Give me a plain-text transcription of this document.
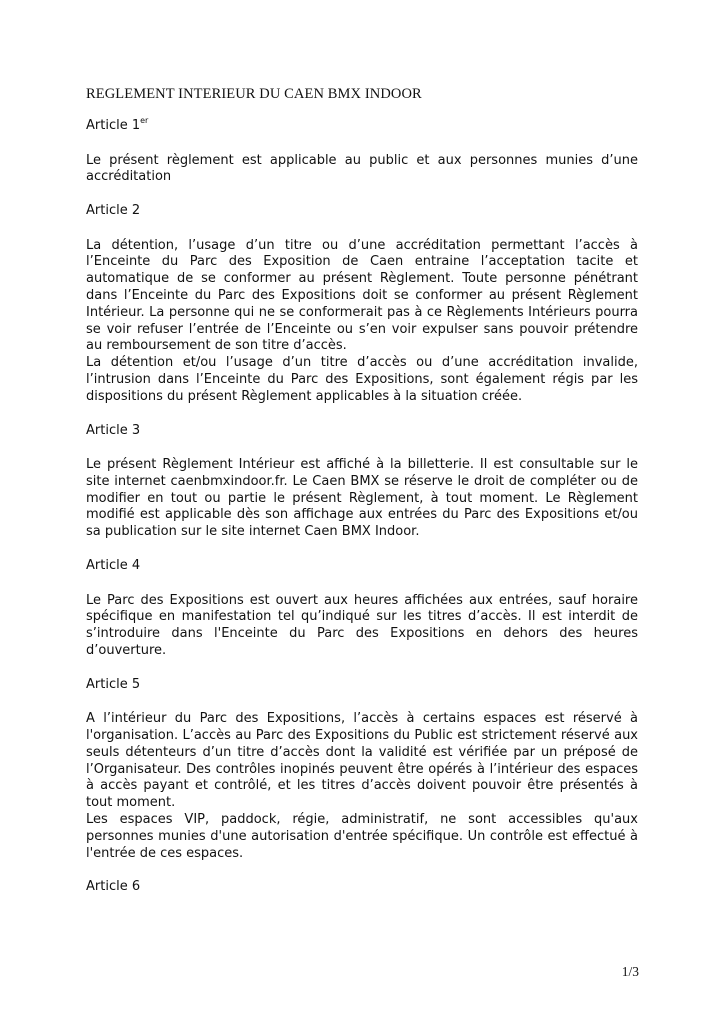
REGLEMENT INTERIEUR DU CAEN BMX INDOOR

Article 1er

Le présent règlement est applicable au public et aux personnes munies d’une accréditation

Article 2

La détention, l’usage d’un titre ou d’une accréditation permettant l’accès à l’Enceinte du Parc des Exposition de Caen entraine l’acceptation tacite et automatique de se conformer au présent Règlement. Toute personne pénétrant dans l’Enceinte du Parc des Expositions doit se conformer au présent Règlement Intérieur. La personne qui ne se conformerait pas à ce Règlements Intérieurs pourra se voir refuser l’entrée de l’Enceinte ou s’en voir expulser sans pouvoir prétendre au remboursement de son titre d’accès.

La détention et/ou l’usage d’un titre d’accès ou d’une accréditation invalide, l’intrusion dans l’Enceinte du Parc des Expositions, sont également régis par les dispositions du présent Règlement applicables à la situation créée.

Article 3

Le présent Règlement Intérieur est affiché à la billetterie. Il est consultable sur le site internet caenbmxindoor.fr. Le Caen BMX se réserve le droit de compléter ou de modifier en tout ou partie le présent Règlement, à tout moment. Le Règlement modifié est applicable dès son affichage aux entrées du Parc des Expositions et/ou sa publication sur le site internet Caen BMX Indoor.

Article 4

Le Parc des Expositions est ouvert aux heures affichées aux entrées, sauf horaire spécifique en manifestation tel qu’indiqué sur les titres d’accès. Il est interdit de s’introduire dans l'Enceinte du Parc des Expositions en dehors des heures d’ouverture.

Article 5

A l’intérieur du Parc des Expositions, l’accès à certains espaces est réservé à l'organisation. L’accès au Parc des Expositions du Public est strictement réservé aux seuls détenteurs d’un titre d’accès dont la validité est vérifiée par un préposé de l’Organisateur. Des contrôles inopinés peuvent être opérés à l’intérieur des espaces à accès payant et contrôlé, et les titres d’accès doivent pouvoir être présentés à tout moment.

Les espaces VIP, paddock, régie, administratif, ne sont accessibles qu'aux personnes munies d'une autorisation d'entrée spécifique. Un contrôle est effectué à l'entrée de ces espaces.

Article 6

1/3
